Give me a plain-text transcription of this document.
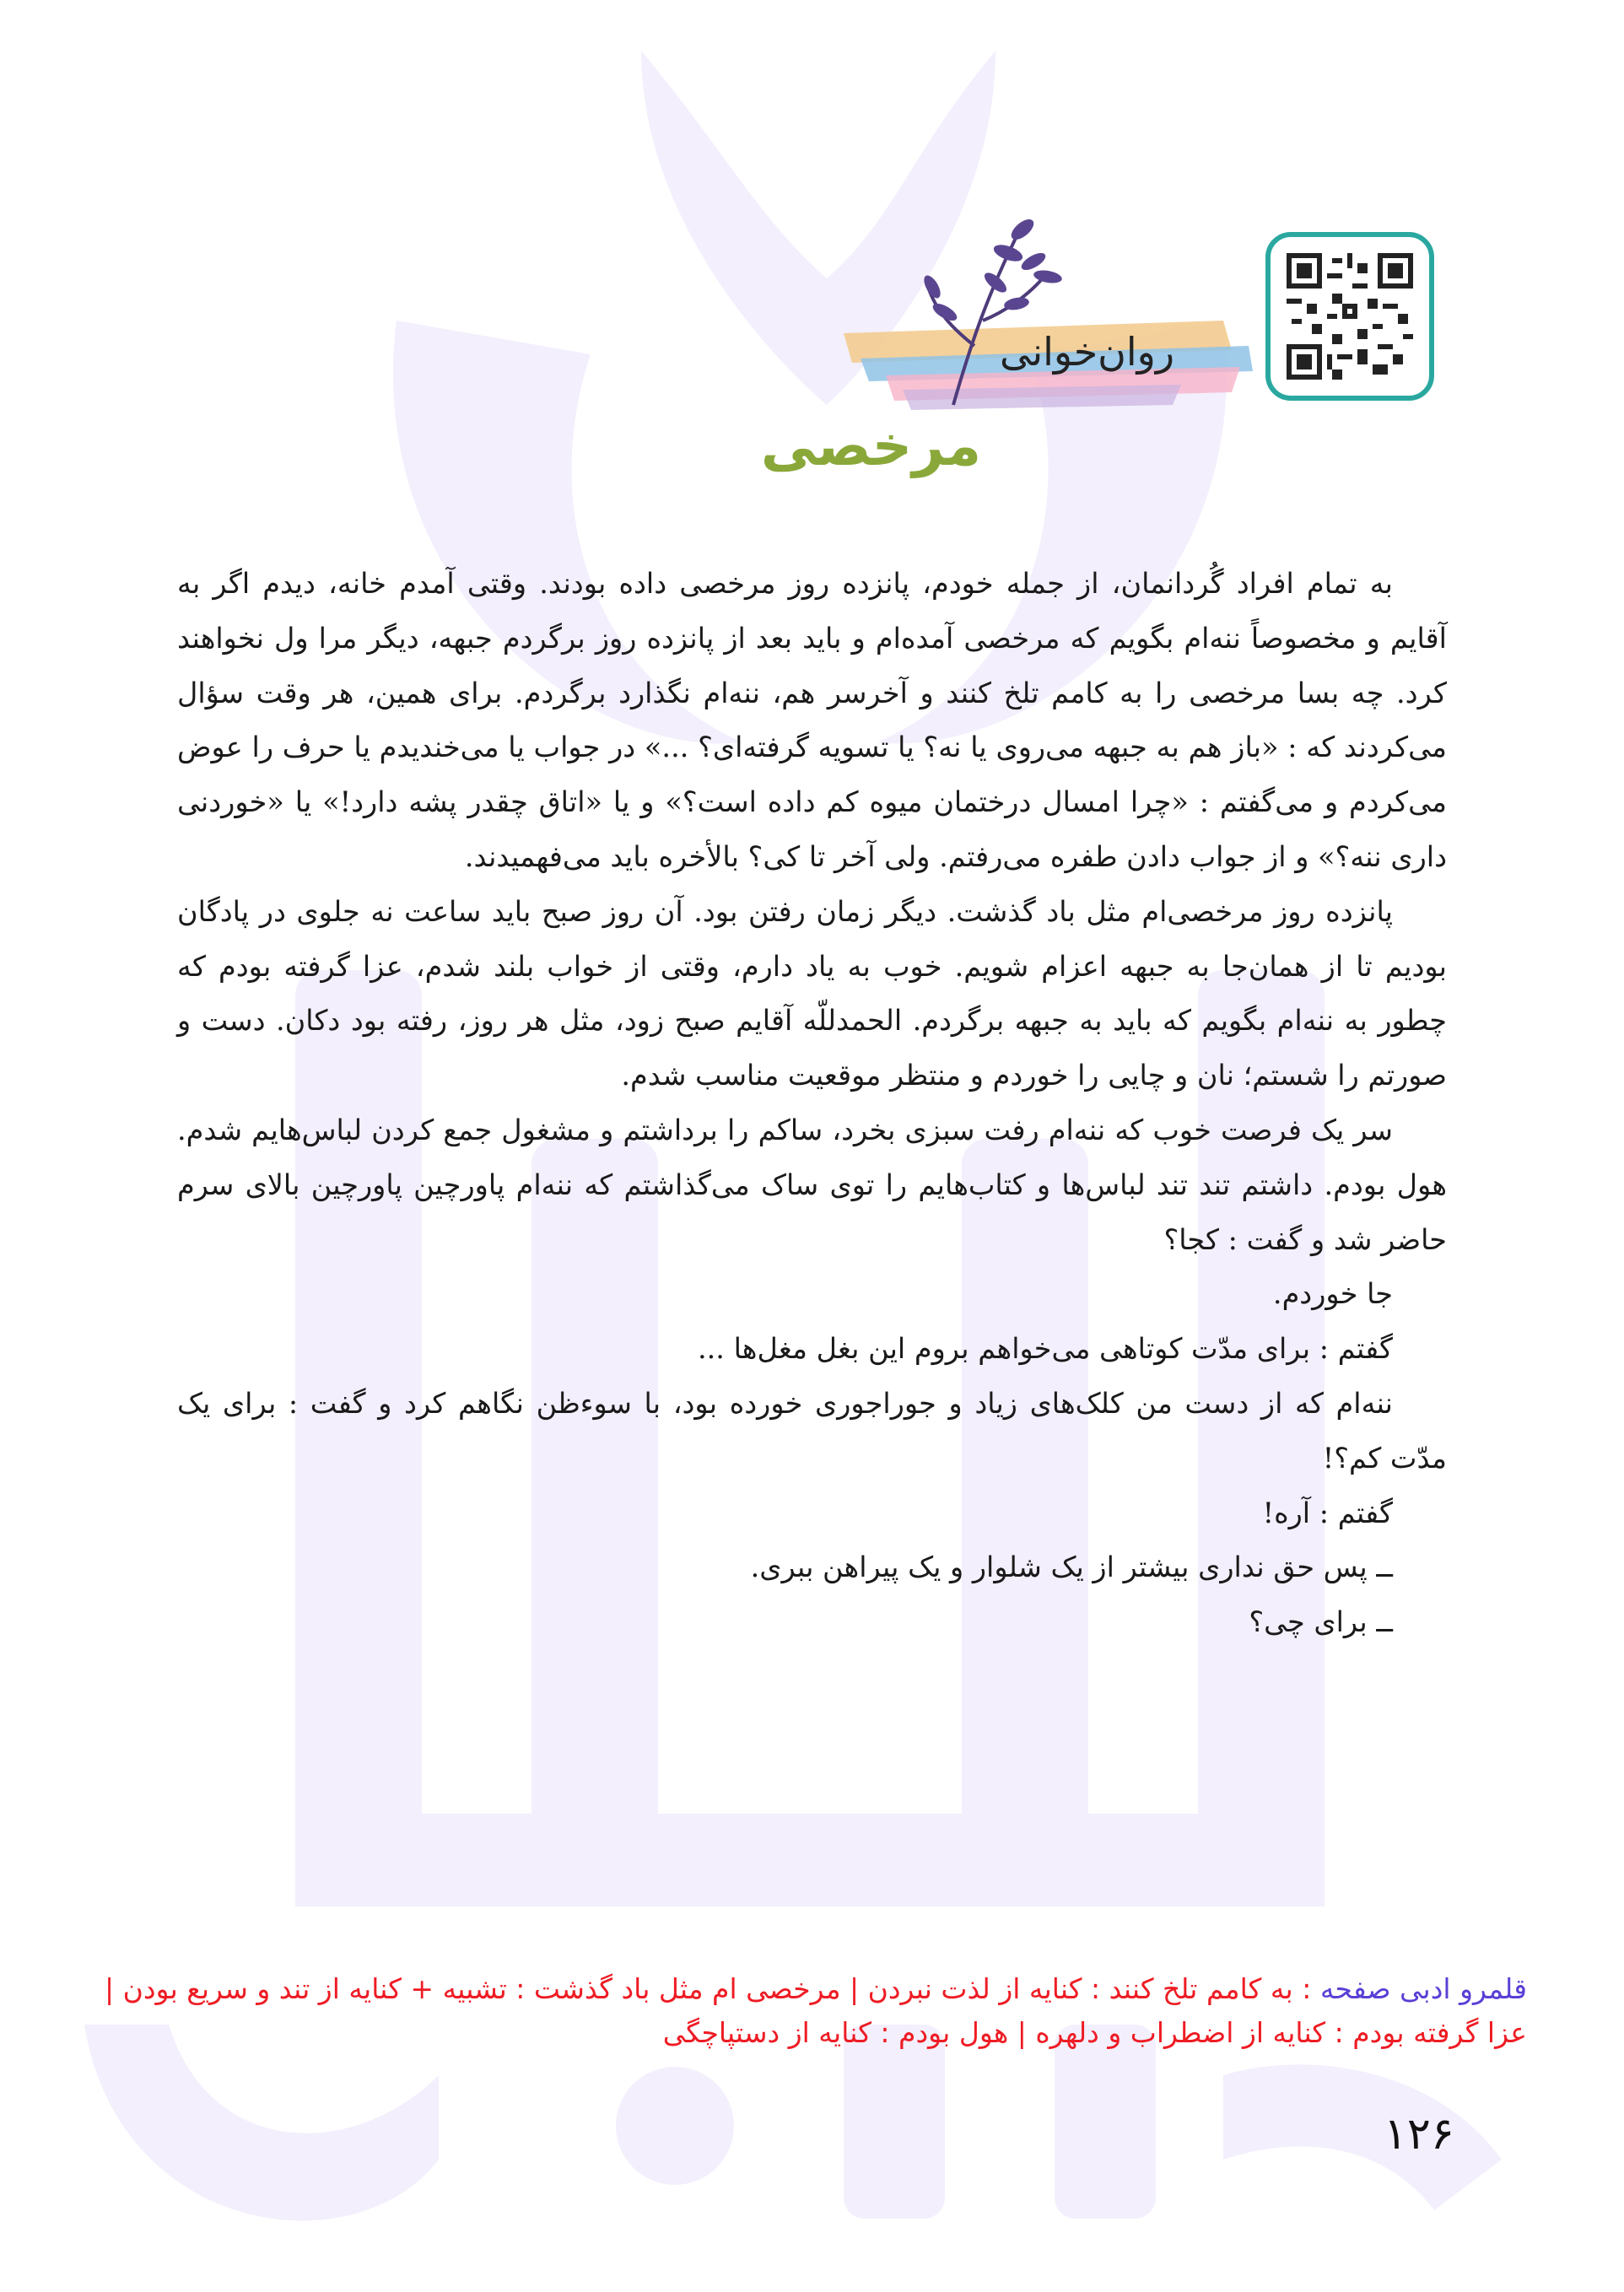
روان‌خوانی
مرخصی

به تمام افراد گُردانمان، از جمله خودم، پانزده روز مرخصی داده بودند. وقتی آمدم خانه، دیدم اگر به آقایم و مخصوصاً ننه‌ام بگویم که مرخصی آمده‌ام و باید بعد از پانزده روز برگردم جبهه، دیگر مرا ول نخواهند کرد. چه بسا مرخصی را به کامم تلخ کنند و آخرسر هم، ننه‌ام نگذارد برگردم. برای همین، هر وقت سؤال می‌کردند که : «باز هم به جبهه می‌روی یا نه؟ یا تسویه گرفته‌ای؟ ...» در جواب یا می‌خندیدم یا حرف را عوض می‌کردم و می‌گفتم : «چرا امسال درختمان میوه کم داده است؟» و یا «اتاق چقدر پشه دارد!» یا «خوردنی داری ننه؟» و از جواب دادن طفره می‌رفتم. ولی آخر تا کی؟ بالأخره باید می‌فهمیدند.

پانزده روز مرخصی‌ام مثل باد گذشت. دیگر زمان رفتن بود. آن روز صبح باید ساعت نه جلوی در پادگان بودیم تا از همان‌جا به جبهه اعزام شویم. خوب به یاد دارم، وقتی از خواب بلند شدم، عزا گرفته بودم که چطور به ننه‌ام بگویم که باید به جبهه برگردم. الحمدللّه آقایم صبح زود، مثل هر روز، رفته بود دکان. دست و صورتم را شستم؛ نان و چایی را خوردم و منتظر موقعیت مناسب شدم.

سر یک فرصت خوب که ننه‌ام رفت سبزی بخرد، ساکم را برداشتم و مشغول جمع کردن لباس‌هایم شدم. هول بودم. داشتم تند تند لباس‌ها و کتاب‌هایم را توی ساک می‌گذاشتم که ننه‌ام پاورچین پاورچین بالای سرم حاضر شد و گفت : کجا؟

جا خوردم.

گفتم : برای مدّت کوتاهی می‌خواهم بروم این بغل مغل‌ها ...

ننه‌ام که از دست من کلک‌های زیاد و جوراجوری خورده بود، با سوءظن نگاهم کرد و گفت : برای یک مدّت کم؟!

گفتم : آره!

ــ پس حق نداری بیشتر از یک شلوار و یک پیراهن ببری.

ــ برای چی؟

قلمرو ادبی صفحه : به کامم تلخ کنند : کنایه از لذت نبردن | مرخصی ام مثل باد گذشت : تشبیه + کنایه از تند و سریع بودن | عزا گرفته بودم : کنایه از اضطراب و دلهره | هول بودم : کنایه از دستپاچگی
۱۲۶
